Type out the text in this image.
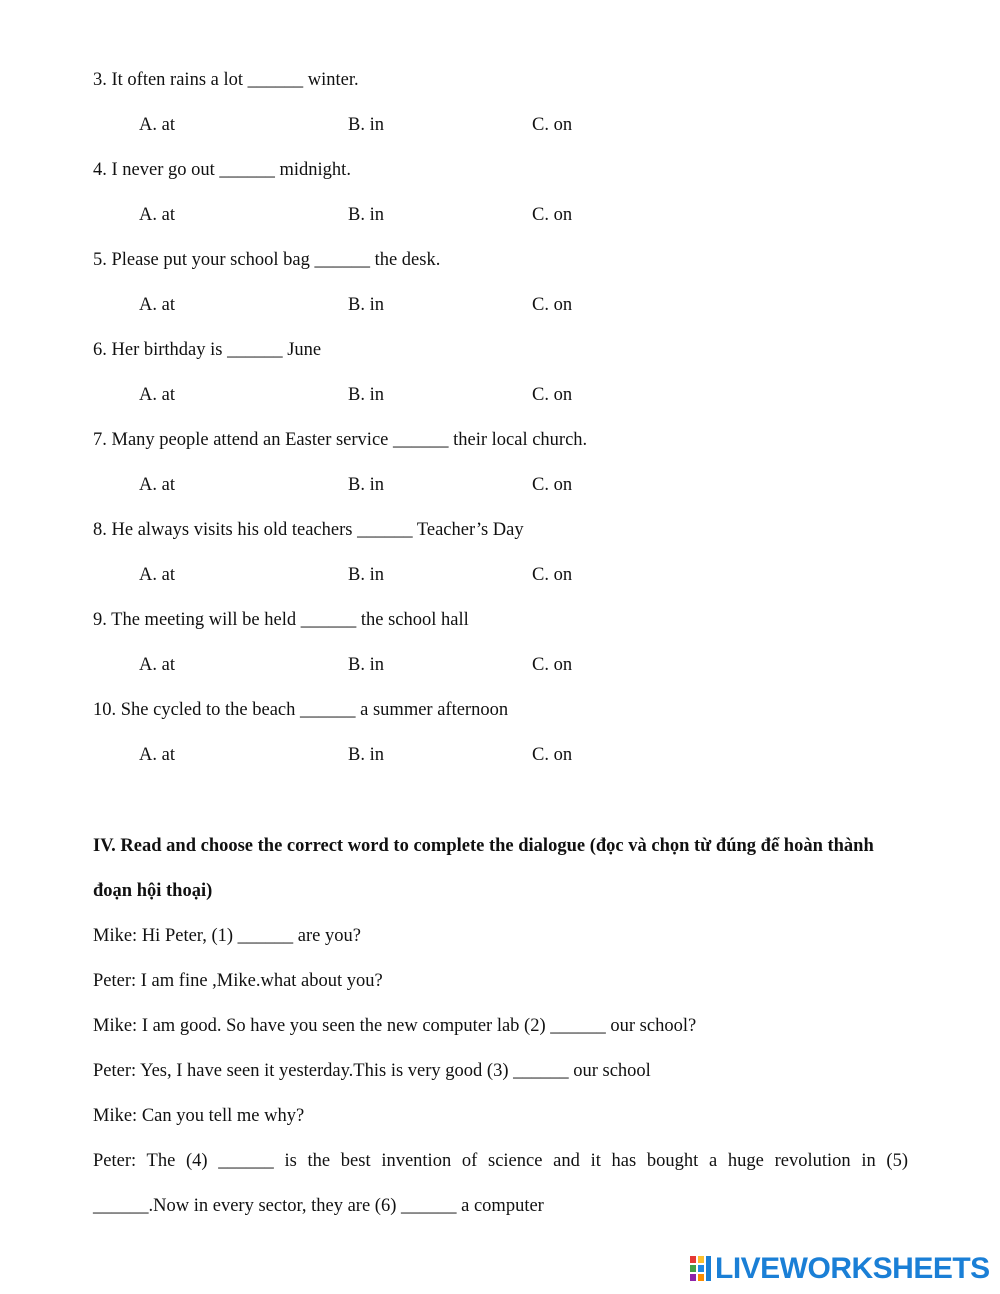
3. It often rains a lot ______ winter.
A. at	B. in	C. on
4. I never go out ______ midnight.
A. at	B. in	C. on
5. Please put your school bag ______ the desk.
A. at	B. in	C. on
6. Her birthday is ______ June
A. at	B. in	C. on
7. Many people attend an Easter service ______ their local church.
A. at	B. in	C. on
8. He always visits his old teachers ______ Teacher’s Day
A. at	B. in	C. on
9. The meeting will be held ______ the school hall
A. at	B. in	C. on
10. She cycled to the beach ______ a summer afternoon
A. at	B. in	C. on
IV. Read and choose the correct word to complete the dialogue (đọc và chọn từ đúng để hoàn thành
đoạn hội thoại)
Mike: Hi Peter, (1) ______ are you?
Peter: I am fine ,Mike.what about you?
Mike: I am good. So have you seen the new computer lab (2) ______ our school?
Peter: Yes, I have seen it yesterday.This is very good (3) ______ our school
Mike: Can you tell me why?
Peter: The (4) ______ is the best invention of science and it has bought a huge revolution in (5)
______.Now in every sector, they are (6) ______ a computer
LIVEWORKSHEETS
